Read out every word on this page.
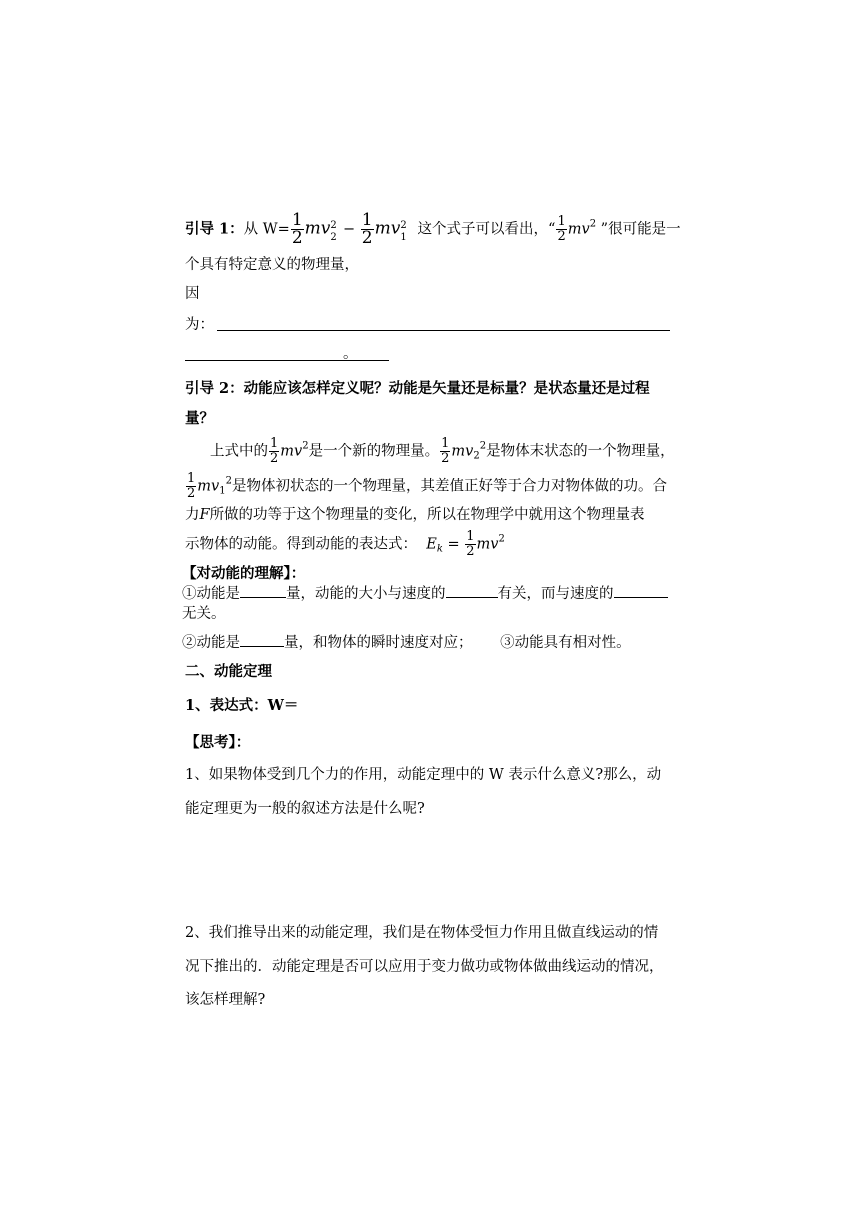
引导 1：从 $W= \frac{1}{2}$ mv 2
$2 - \frac{1}{2}$ mv 2
1 这个式子可以看出，“ $\frac{1}{2} mv^2$ ”很可能是一
个具有特定意义的物理量，
因
为：
。
引导 2：动能应该怎样定义呢？动能是矢量还是标量？是状态量还是过程
量？
上式中的 $\frac{1}{2} mv^2$是一个新的物理量。 $\frac{1}{2} mv_2^2$是物体末状态的一个物理量，
$\frac{1}{2} mv_1^2$是物体初状态的一个物理量，其差值正好等于合力对物体做的功。合
力F所做的功等于这个物理量的变化，所以在物理学中就用这个物理量表
示物体的动能。得到动能的表达式： $E_k = \frac{1}{2} mv^2$
【对动能的理解】：
①动能是	量，动能的大小与速度的	有关，而与速度的
无关。
②动能是	量，和物体的瞬时速度对应； ③动能具有相对性。
二、动能定理
1、表达式：W＝
【思考】：
1、如果物体受到几个力的作用，动能定理中的 W 表示什么意义?那么，动
能定理更为一般的叙述方法是什么呢?
2、我们推导出来的动能定理，我们是在物体受恒力作用且做直线运动的情
况下推出的．动能定理是否可以应用于变力做功或物体做曲线运动的情况，
该怎样理解?
